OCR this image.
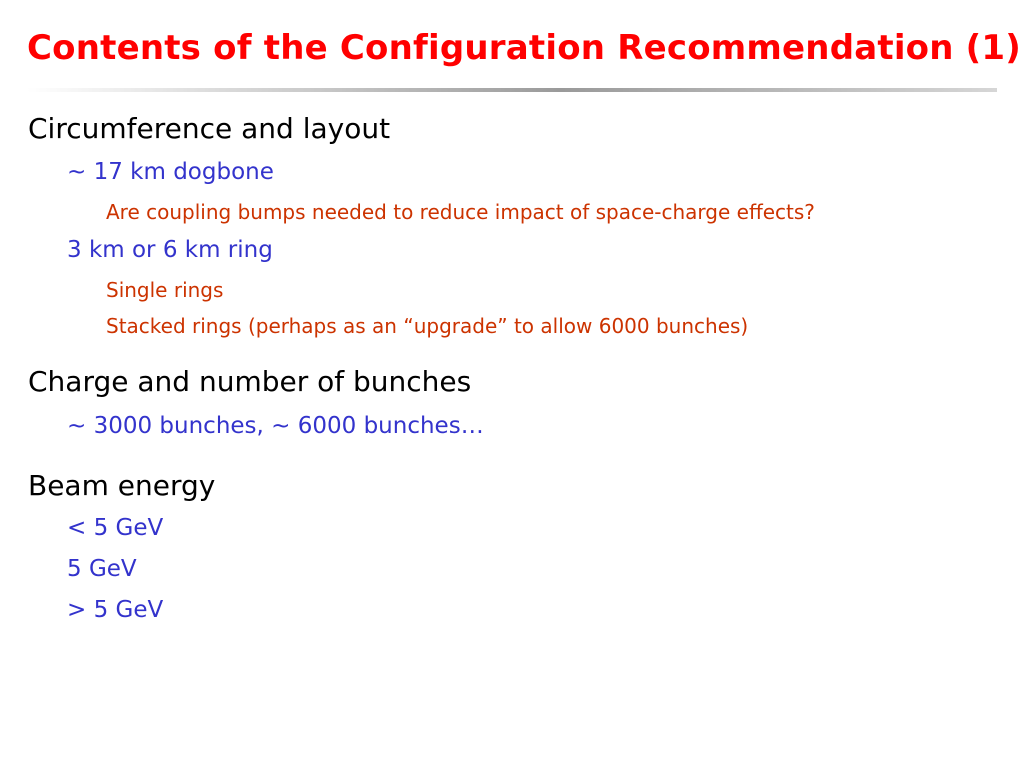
Contents of the Configuration Recommendation (1)
Circumference and layout
~ 17 km dogbone
Are coupling bumps needed to reduce impact of space-charge effects?
3 km or 6 km ring
Single rings
Stacked rings (perhaps as an “upgrade” to allow 6000 bunches)
Charge and number of bunches
~ 3000 bunches, ~ 6000 bunches…
Beam energy
< 5 GeV
5 GeV
> 5 GeV
